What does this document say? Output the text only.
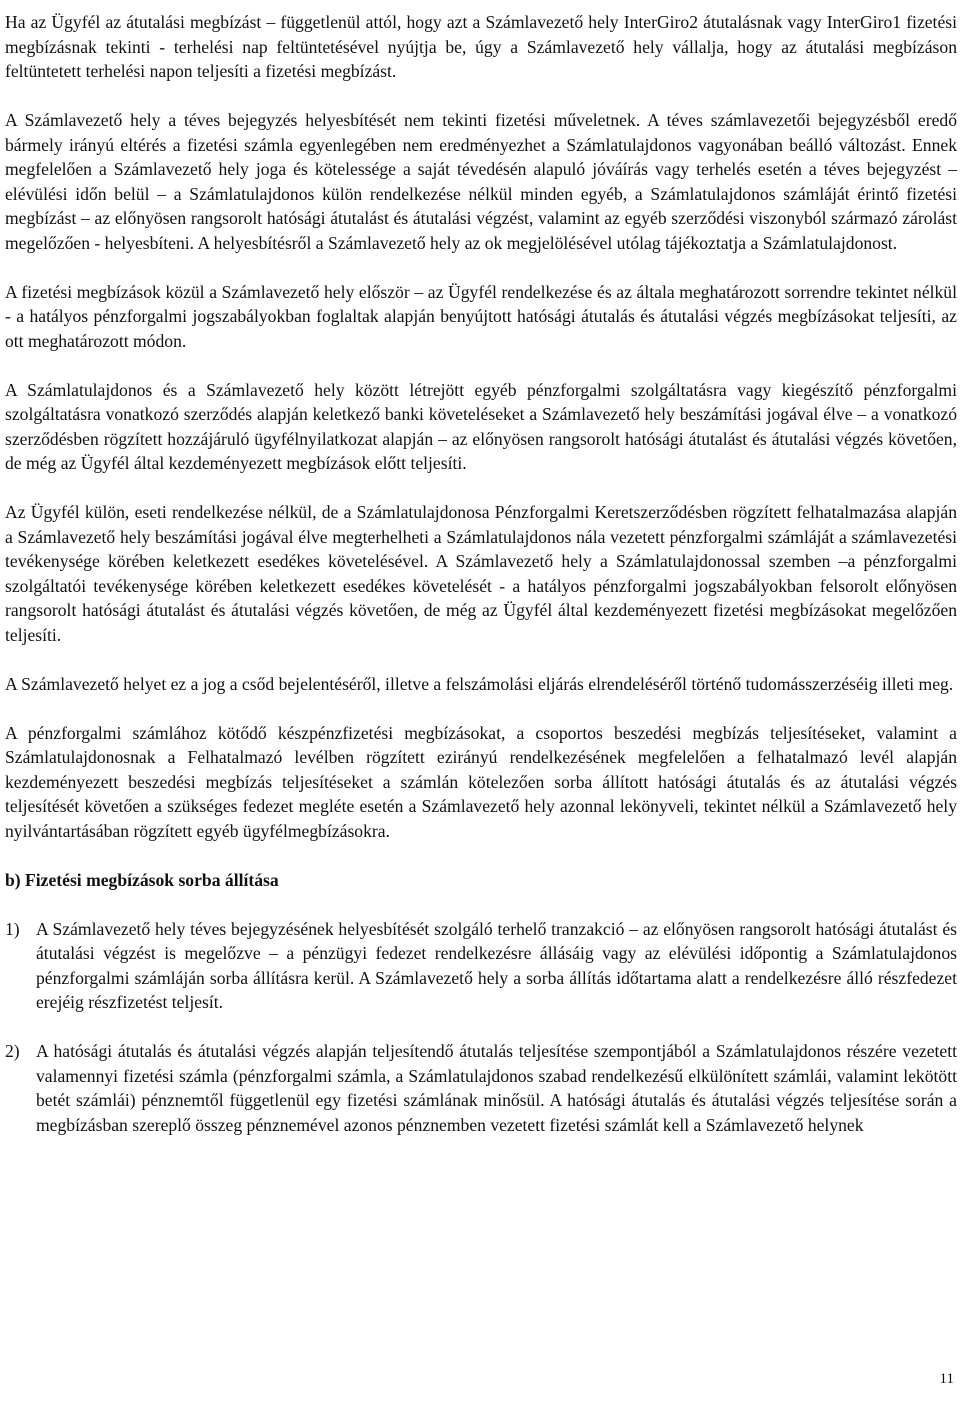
Ha az Ügyfél az átutalási megbízást – függetlenül attól, hogy azt a Számlavezető hely InterGiro2 átutalásnak vagy InterGiro1 fizetési megbízásnak tekinti - terhelési nap feltüntetésével nyújtja be, úgy a Számlavezető hely vállalja, hogy az átutalási megbízáson feltüntetett terhelési napon teljesíti a fizetési megbízást.

A Számlavezető hely a téves bejegyzés helyesbítését nem tekinti fizetési műveletnek. A téves számlavezetői bejegyzésből eredő bármely irányú eltérés a fizetési számla egyenlegében nem eredményezhet a Számlatulajdonos vagyonában beálló változást. Ennek megfelelően a Számlavezető hely joga és kötelessége a saját tévedésén alapuló jóváírás vagy terhelés esetén a téves bejegyzést – elévülési időn belül – a Számlatulajdonos külön rendelkezése nélkül minden egyéb, a Számlatulajdonos számláját érintő fizetési megbízást – az előnyösen rangsorolt hatósági átutalást és átutalási végzést, valamint az egyéb szerződési viszonyból származó zárolást megelőzően - helyesbíteni. A helyesbítésről a Számlavezető hely az ok megjelölésével utólag tájékoztatja a Számlatulajdonost.

A fizetési megbízások közül a Számlavezető hely először – az Ügyfél rendelkezése és az általa meghatározott sorrendre tekintet nélkül - a hatályos pénzforgalmi jogszabályokban foglaltak alapján benyújtott hatósági átutalás és átutalási végzés megbízásokat teljesíti, az ott meghatározott módon.

A Számlatulajdonos és a Számlavezető hely között létrejött egyéb pénzforgalmi szolgáltatásra vagy kiegészítő pénzforgalmi szolgáltatásra vonatkozó szerződés alapján keletkező banki követeléseket a Számlavezető hely beszámítási jogával élve – a vonatkozó szerződésben rögzített hozzájáruló ügyfélnyilatkozat alapján – az előnyösen rangsorolt hatósági átutalást és átutalási végzés követően, de még az Ügyfél által kezdeményezett megbízások előtt teljesíti.

Az Ügyfél külön, eseti rendelkezése nélkül, de a Számlatulajdonosa Pénzforgalmi Keretszerződésben rögzített felhatalmazása alapján a Számlavezető hely beszámítási jogával élve megterhelheti a Számlatulajdonos nála vezetett pénzforgalmi számláját a számlavezetési tevékenysége körében keletkezett esedékes követelésével. A Számlavezető hely a Számlatulajdonossal szemben –a pénzforgalmi szolgáltatói tevékenysége körében keletkezett esedékes követelését - a hatályos pénzforgalmi jogszabályokban felsorolt előnyösen rangsorolt hatósági átutalást és átutalási végzés követően, de még az Ügyfél által kezdeményezett fizetési megbízásokat megelőzően teljesíti.

A Számlavezető helyet ez a jog a csőd bejelentéséről, illetve a felszámolási eljárás elrendeléséről történő tudomásszerzéséig illeti meg.

A pénzforgalmi számlához kötődő készpénzfizetési megbízásokat, a csoportos beszedési megbízás teljesítéseket, valamint a Számlatulajdonosnak a Felhatalmazó levélben rögzített ezirányú rendelkezésének megfelelően a felhatalmazó levél alapján kezdeményezett beszedési megbízás teljesítéseket a számlán kötelezően sorba állított hatósági átutalás és az átutalási végzés teljesítését követően a szükséges fedezet megléte esetén a Számlavezető hely azonnal lekönyveli, tekintet nélkül a Számlavezető hely nyilvántartásában rögzített egyéb ügyfélmegbízásokra.

b) Fizetési megbízások sorba állítása

1) A Számlavezető hely téves bejegyzésének helyesbítését szolgáló terhelő tranzakció – az előnyösen rangsorolt hatósági átutalást és átutalási végzést is megelőzve – a pénzügyi fedezet rendelkezésre állásáig vagy az elévülési időpontig a Számlatulajdonos pénzforgalmi számláján sorba állításra kerül. A Számlavezető hely a sorba állítás időtartama alatt a rendelkezésre álló részfedezet erejéig részfizetést teljesít.
2) A hatósági átutalás és átutalási végzés alapján teljesítendő átutalás teljesítése szempontjából a Számlatulajdonos részére vezetett valamennyi fizetési számla (pénzforgalmi számla, a Számlatulajdonos szabad rendelkezésű elkülönített számlái, valamint lekötött betét számlái) pénznemtől függetlenül egy fizetési számlának minősül. A hatósági átutalás és átutalási végzés teljesítése során a megbízásban szereplő összeg pénznemével azonos pénznemben vezetett fizetési számlát kell a Számlavezető helynek
11
